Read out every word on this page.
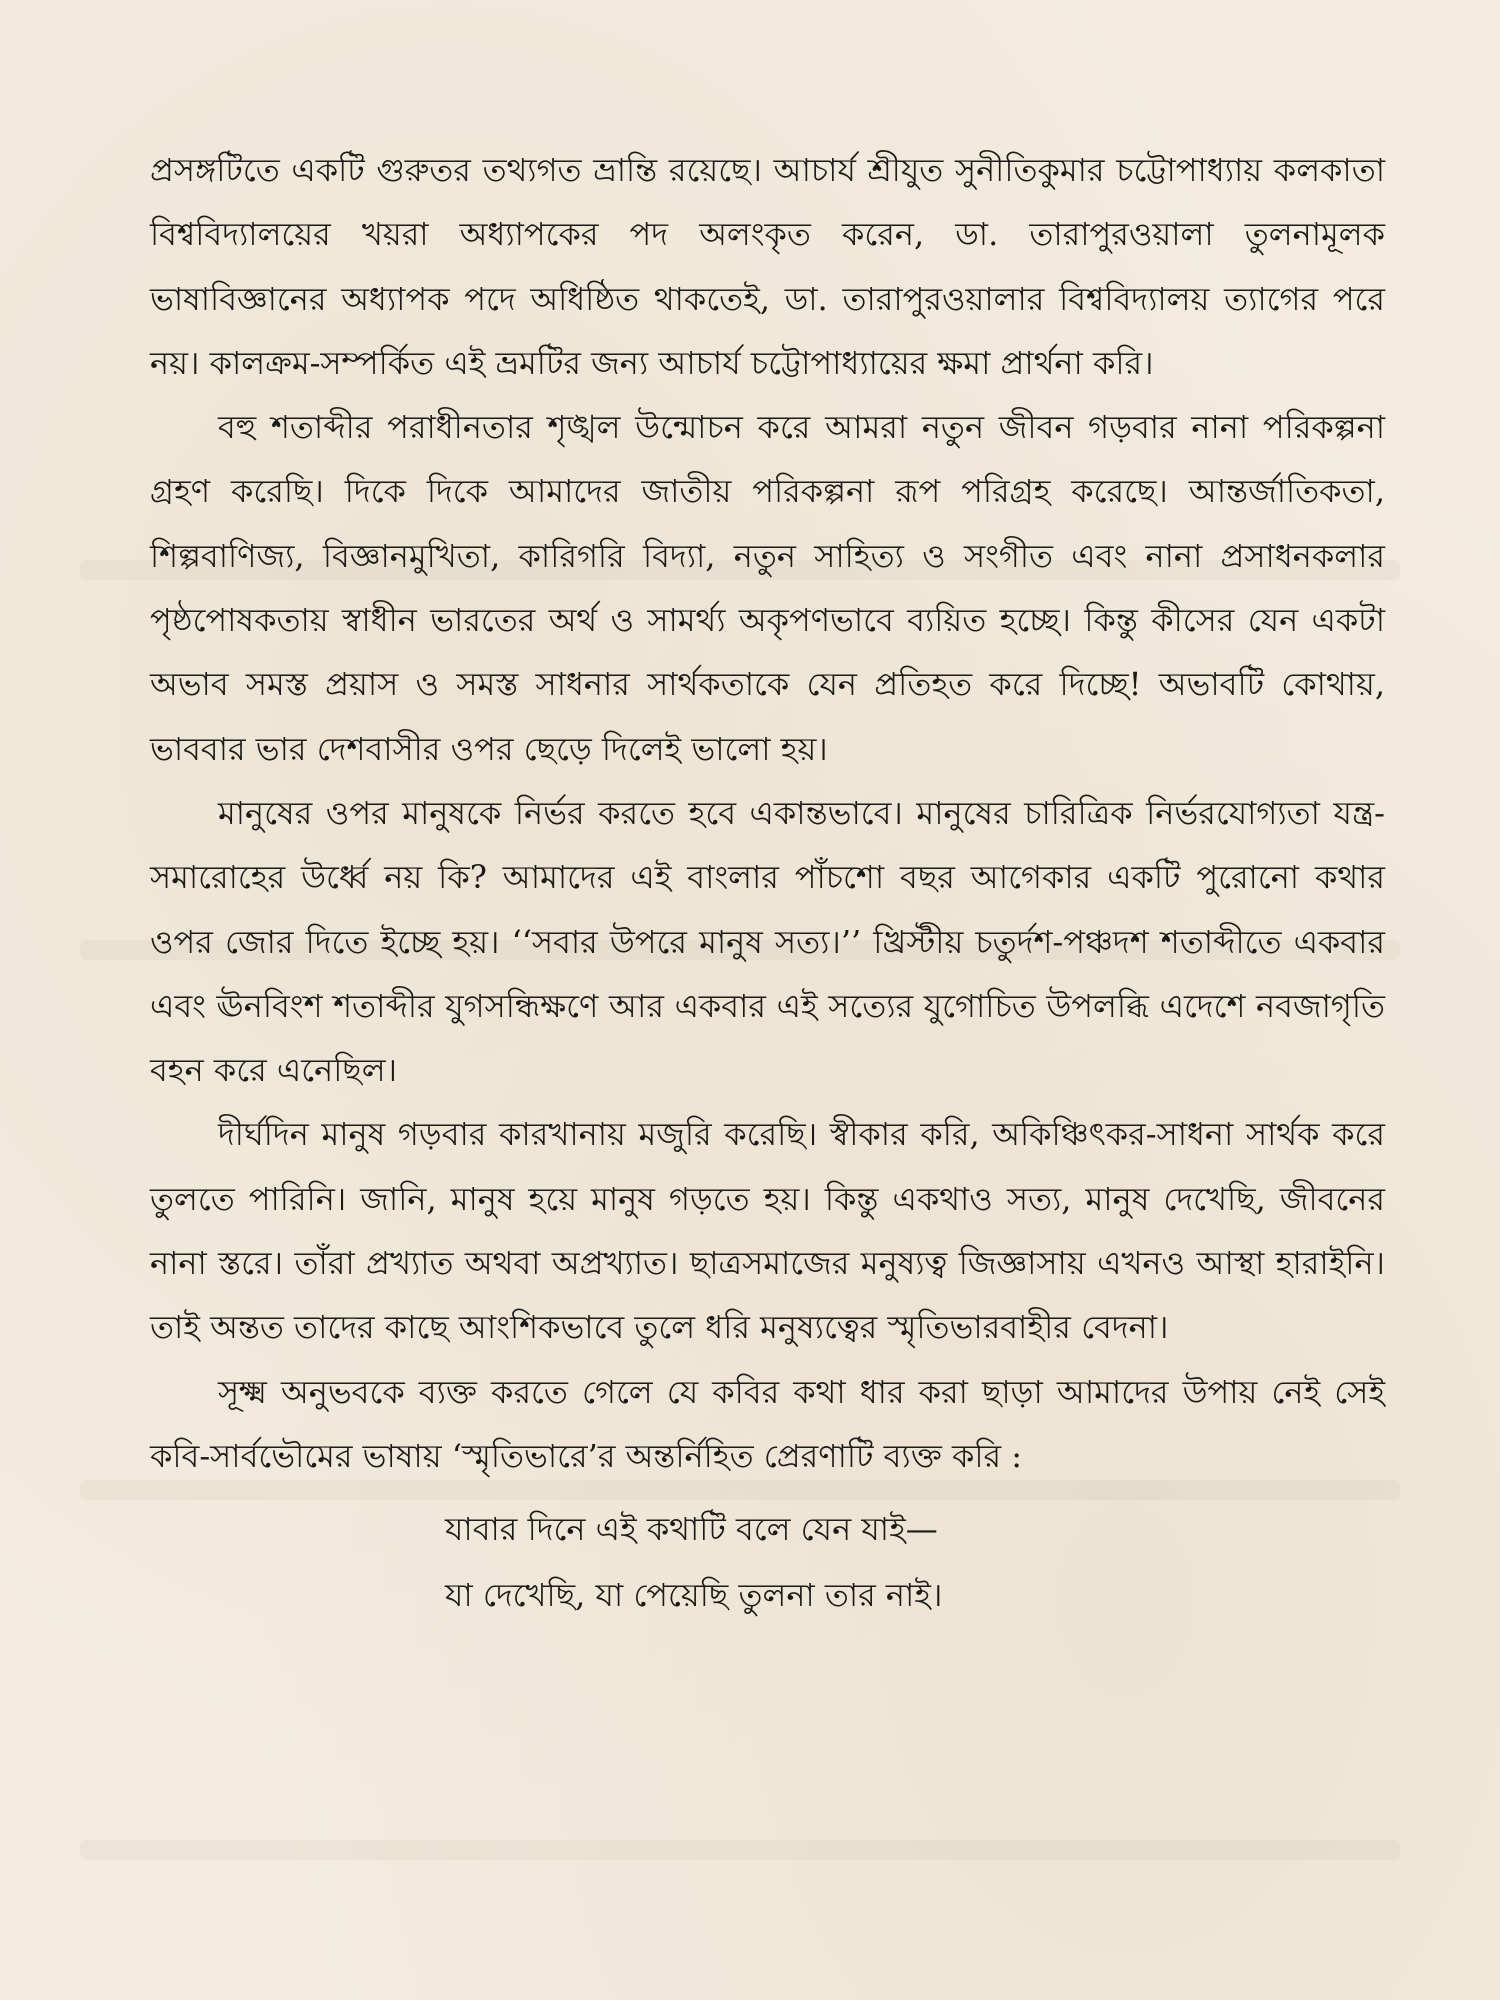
প্রসঙ্গটিতে একটি গুরুতর তথ্যগত ভ্রান্তি রয়েছে। আচার্য শ্রীযুত সুনীতিকুমার চট্টোপাধ্যায় কলকাতা বিশ্ববিদ্যালয়ের খয়রা অধ্যাপকের পদ অলংকৃত করেন, ডা. তারাপুরওয়ালা তুলনামূলক ভাষাবিজ্ঞানের অধ্যাপক পদে অধিষ্ঠিত থাকতেই, ডা. তারাপুরওয়ালার বিশ্ববিদ্যালয় ত্যাগের পরে নয়। কালক্রম-সম্পর্কিত এই ভ্রমটির জন্য আচার্য চট্টোপাধ্যায়ের ক্ষমা প্রার্থনা করি।

বহু শতাব্দীর পরাধীনতার শৃঙ্খল উন্মোচন করে আমরা নতুন জীবন গড়বার নানা পরিকল্পনা গ্রহণ করেছি। দিকে দিকে আমাদের জাতীয় পরিকল্পনা রূপ পরিগ্রহ করেছে। আন্তর্জাতিকতা, শিল্পবাণিজ্য, বিজ্ঞানমুখিতা, কারিগরি বিদ্যা, নতুন সাহিত্য ও সংগীত এবং নানা প্রসাধনকলার পৃষ্ঠপোষকতায় স্বাধীন ভারতের অর্থ ও সামর্থ্য অকৃপণভাবে ব্যয়িত হচ্ছে। কিন্তু কীসের যেন একটা অভাব সমস্ত প্রয়াস ও সমস্ত সাধনার সার্থকতাকে যেন প্রতিহত করে দিচ্ছে! অভাবটি কোথায়, ভাববার ভার দেশবাসীর ওপর ছেড়ে দিলেই ভালো হয়।

মানুষের ওপর মানুষকে নির্ভর করতে হবে একান্তভাবে। মানুষের চারিত্রিক নির্ভরযোগ্যতা যন্ত্র-সমারোহের উর্ধ্বে নয় কি? আমাদের এই বাংলার পাঁচশো বছর আগেকার একটি পুরোনো কথার ওপর জোর দিতে ইচ্ছে হয়। ‘‘সবার উপরে মানুষ সত্য।’’ খ্রিস্টীয় চতুর্দশ-পঞ্চদশ শতাব্দীতে একবার এবং ঊনবিংশ শতাব্দীর যুগসন্ধিক্ষণে আর একবার এই সত্যের যুগোচিত উপলব্ধি এদেশে নবজাগৃতি বহন করে এনেছিল।

দীর্ঘদিন মানুষ গড়বার কারখানায় মজুরি করেছি। স্বীকার করি, অকিঞ্চিৎকর-সাধনা সার্থক করে তুলতে পারিনি। জানি, মানুষ হয়ে মানুষ গড়তে হয়। কিন্তু একথাও সত্য, মানুষ দেখেছি, জীবনের নানা স্তরে। তাঁরা প্রখ্যাত অথবা অপ্রখ্যাত। ছাত্রসমাজের মনুষ্যত্ব জিজ্ঞাসায় এখনও আস্থা হারাইনি। তাই অন্তত তাদের কাছে আংশিকভাবে তুলে ধরি মনুষ্যত্বের স্মৃতিভারবাহীর বেদনা।

সূক্ষ্ম অনুভবকে ব্যক্ত করতে গেলে যে কবির কথা ধার করা ছাড়া আমাদের উপায় নেই সেই কবি-সার্বভৌমের ভাষায় ‘স্মৃতিভারে’র অন্তর্নিহিত প্রেরণাটি ব্যক্ত করি :

যাবার দিনে এই কথাটি বলে যেন যাই—
যা দেখেছি, যা পেয়েছি তুলনা তার নাই।
